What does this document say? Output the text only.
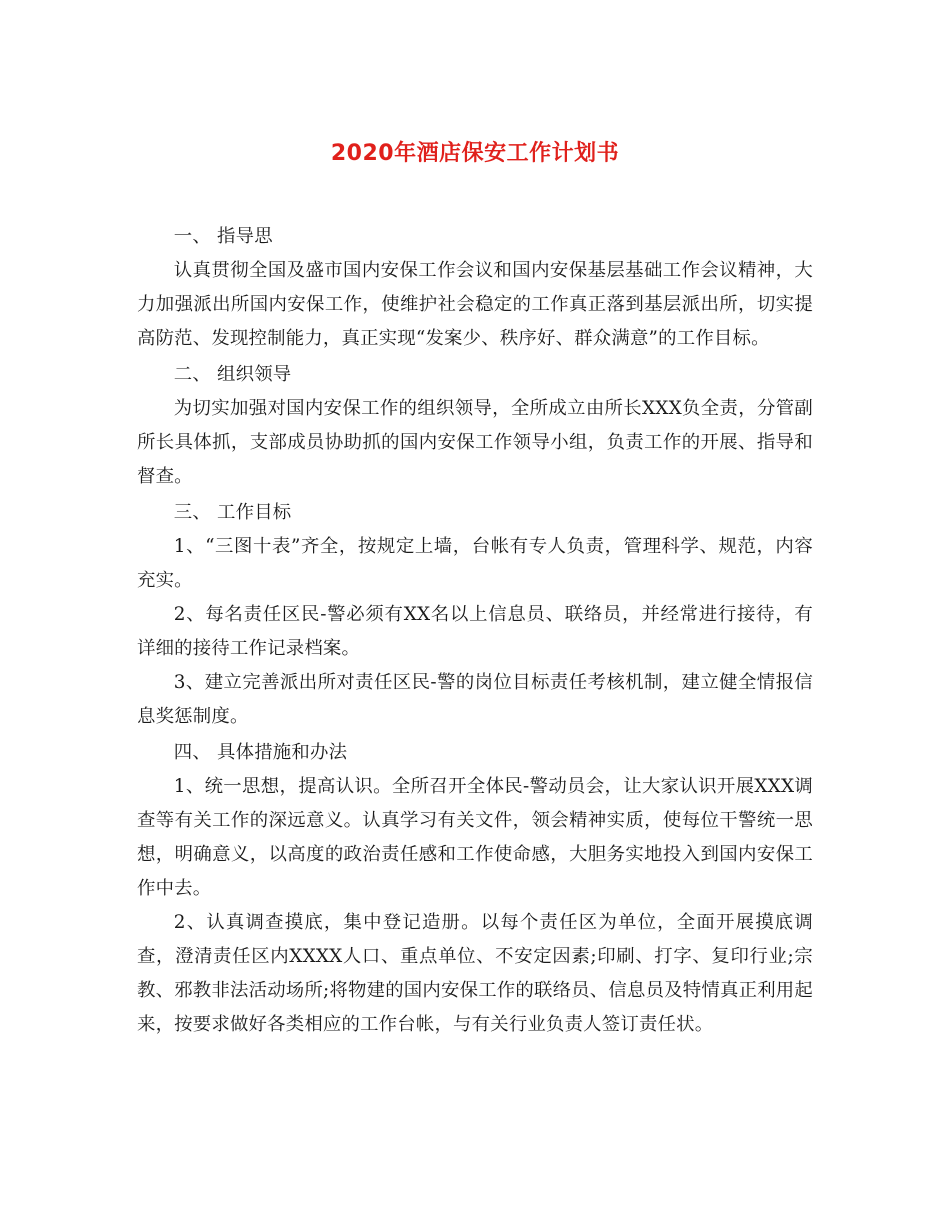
2020年酒店保安工作计划书

一、 指导思

认真贯彻全国及盛市国内安保工作会议和国内安保基层基础工作会议精神，大力加强派出所国内安保工作，使维护社会稳定的工作真正落到基层派出所，切实提高防范、发现控制能力，真正实现“发案少、秩序好、群众满意”的工作目标。

二、 组织领导

为切实加强对国内安保工作的组织领导，全所成立由所长XXX负全责，分管副所长具体抓，支部成员协助抓的国内安保工作领导小组，负责工作的开展、指导和督查。

三、 工作目标

1、“三图十表”齐全，按规定上墙，台帐有专人负责，管理科学、规范，内容充实。

2、每名责任区民-警必须有XX名以上信息员、联络员，并经常进行接待，有详细的接待工作记录档案。

3、建立完善派出所对责任区民-警的岗位目标责任考核机制，建立健全情报信息奖惩制度。

四、 具体措施和办法

1、统一思想，提高认识。全所召开全体民-警动员会，让大家认识开展XXX调查等有关工作的深远意义。认真学习有关文件，领会精神实质，使每位干警统一思想，明确意义，以高度的政治责任感和工作使命感，大胆务实地投入到国内安保工作中去。

2、认真调查摸底，集中登记造册。以每个责任区为单位，全面开展摸底调查，澄清责任区内XXXX人口、重点单位、不安定因素;印刷、打字、复印行业;宗教、邪教非法活动场所;将物建的国内安保工作的联络员、信息员及特情真正利用起来，按要求做好各类相应的工作台帐，与有关行业负责人签订责任状。
